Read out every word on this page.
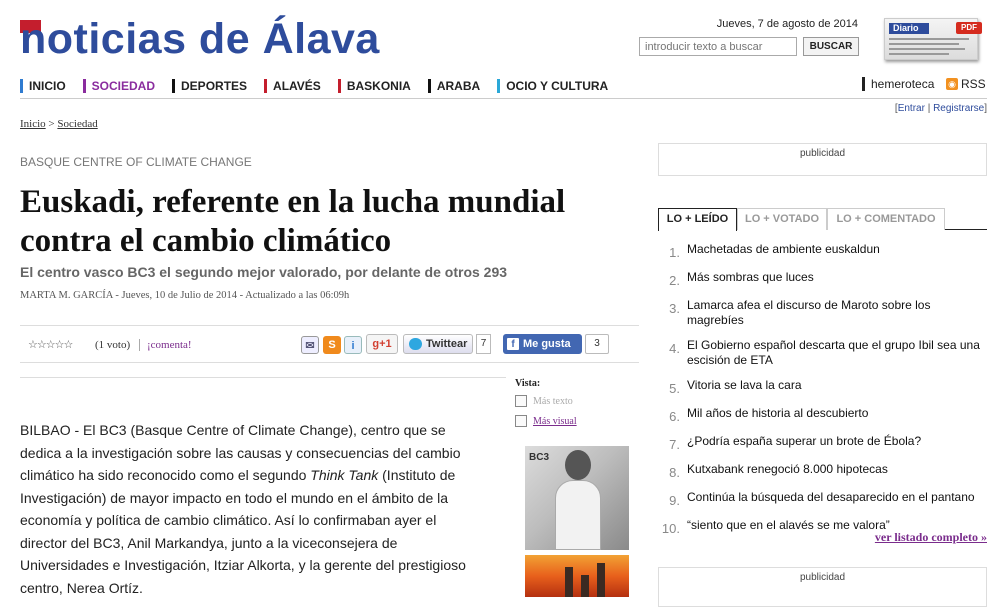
noticias de Álava	Jueves, 7 de agosto de 2014
introducir texto a buscar
BUSCAR
Diario	PDF
INICIO SOCIEDAD DEPORTES ALAVÉS BASKONIA ARABA OCIO Y CULTURA	hemeroteca ◉ RSS
[Entrar | Registrarse]
Inicio > Sociedad
BASQUE CENTRE OF CLIMATE CHANGE
Euskadi, referente en la lucha mundial contra el cambio climático
El centro vasco BC3 el segundo mejor valorado, por delante de otros 293
MARTA M. GARCÍA - Jueves, 10 de Julio de 2014 - Actualizado a las 06:09h
☆☆☆☆☆ (1 voto)	¡comenta!	✉	S	i	g+1	Twittear	7	f Me gusta	3
BILBAO - El BC3 (Basque Centre of Climate Change), centro que se dedica a la investigación sobre las causas y consecuencias del cambio climático ha sido reconocido como el segundo Think Tank (Instituto de Investigación) de mayor impacto en todo el mundo en el ámbito de la economía y política de cambio climático. Así lo confirmaban ayer el director del BC3, Anil Markandya, junto a la viceconsejera de Universidades e Investigación, Itziar Alkorta, y la gerente del prestigioso centro, Nerea Ortíz.
Vista:
Más texto
Más visual
BC3
publicidad
LO + LEÍDO	LO + VOTADO	LO + COMENTADO
1. Machetadas de ambiente euskaldun
2. Más sombras que luces
3. Lamarca afea el discurso de Maroto sobre los magrebíes
4. El Gobierno español descarta que el grupo Ibil sea una escisión de ETA
5. Vitoria se lava la cara
6. Mil años de historia al descubierto
7. ¿Podría españa superar un brote de Ébola?
8. Kutxabank renegoció 8.000 hipotecas
9. Continúa la búsqueda del desaparecido en el pantano
10. “siento que en el alavés se me valora”
ver listado completo »
publicidad
